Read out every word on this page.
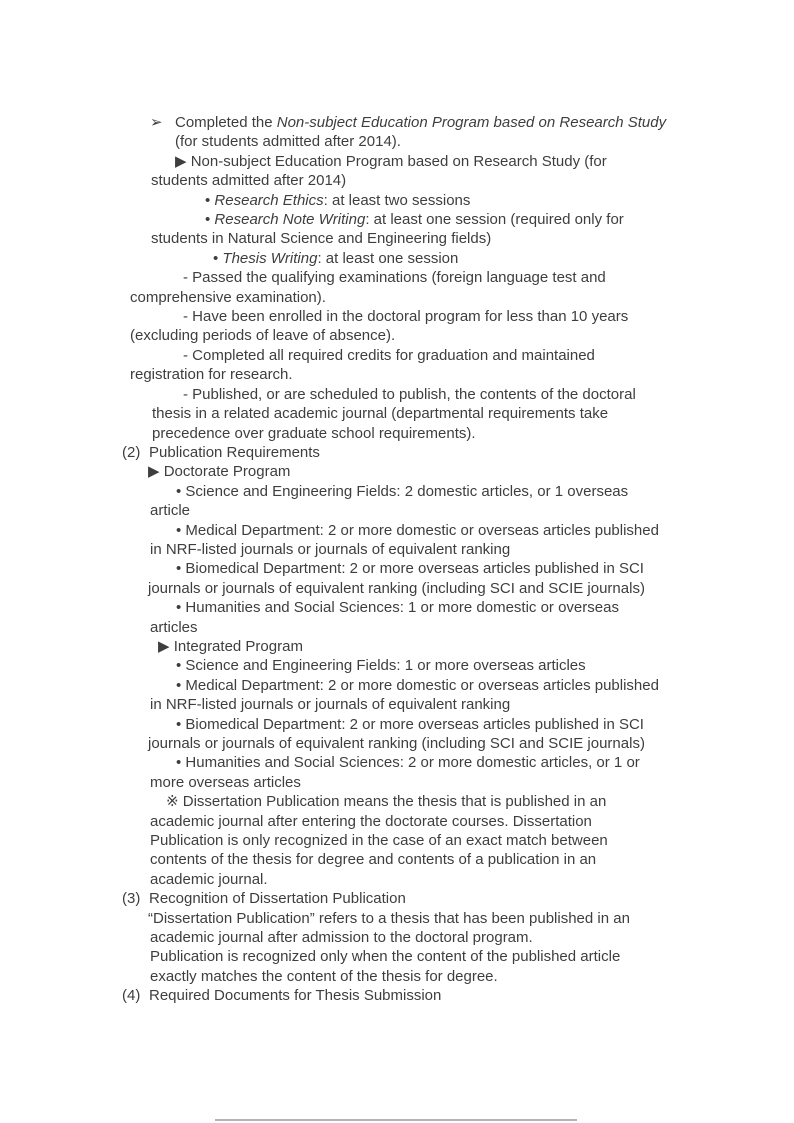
➢ Completed the Non-subject Education Program based on Research Study
(for students admitted after 2014).
▶ Non-subject Education Program based on Research Study (for
students admitted after 2014)
• Research Ethics: at least two sessions
• Research Note Writing: at least one session (required only for
students in Natural Science and Engineering fields)
• Thesis Writing: at least one session
- Passed the qualifying examinations (foreign language test and
comprehensive examination).
- Have been enrolled in the doctoral program for less than 10 years
(excluding periods of leave of absence).
- Completed all required credits for graduation and maintained
registration for research.
- Published, or are scheduled to publish, the contents of the doctoral
thesis in a related academic journal (departmental requirements take
precedence over graduate school requirements).
(2) Publication Requirements
▶ Doctorate Program
• Science and Engineering Fields: 2 domestic articles, or 1 overseas
article
• Medical Department: 2 or more domestic or overseas articles published
in NRF-listed journals or journals of equivalent ranking
• Biomedical Department: 2 or more overseas articles published in SCI
journals or journals of equivalent ranking (including SCI and SCIE journals)
• Humanities and Social Sciences: 1 or more domestic or overseas
articles
▶ Integrated Program
• Science and Engineering Fields: 1 or more overseas articles
• Medical Department: 2 or more domestic or overseas articles published
in NRF-listed journals or journals of equivalent ranking
• Biomedical Department: 2 or more overseas articles published in SCI
journals or journals of equivalent ranking (including SCI and SCIE journals)
• Humanities and Social Sciences: 2 or more domestic articles, or 1 or
more overseas articles
※ Dissertation Publication means the thesis that is published in an
academic journal after entering the doctorate courses. Dissertation
Publication is only recognized in the case of an exact match between
contents of the thesis for degree and contents of a publication in an
academic journal.
(3) Recognition of Dissertation Publication
“Dissertation Publication” refers to a thesis that has been published in an
academic journal after admission to the doctoral program.
Publication is recognized only when the content of the published article
exactly matches the content of the thesis for degree.
(4) Required Documents for Thesis Submission
